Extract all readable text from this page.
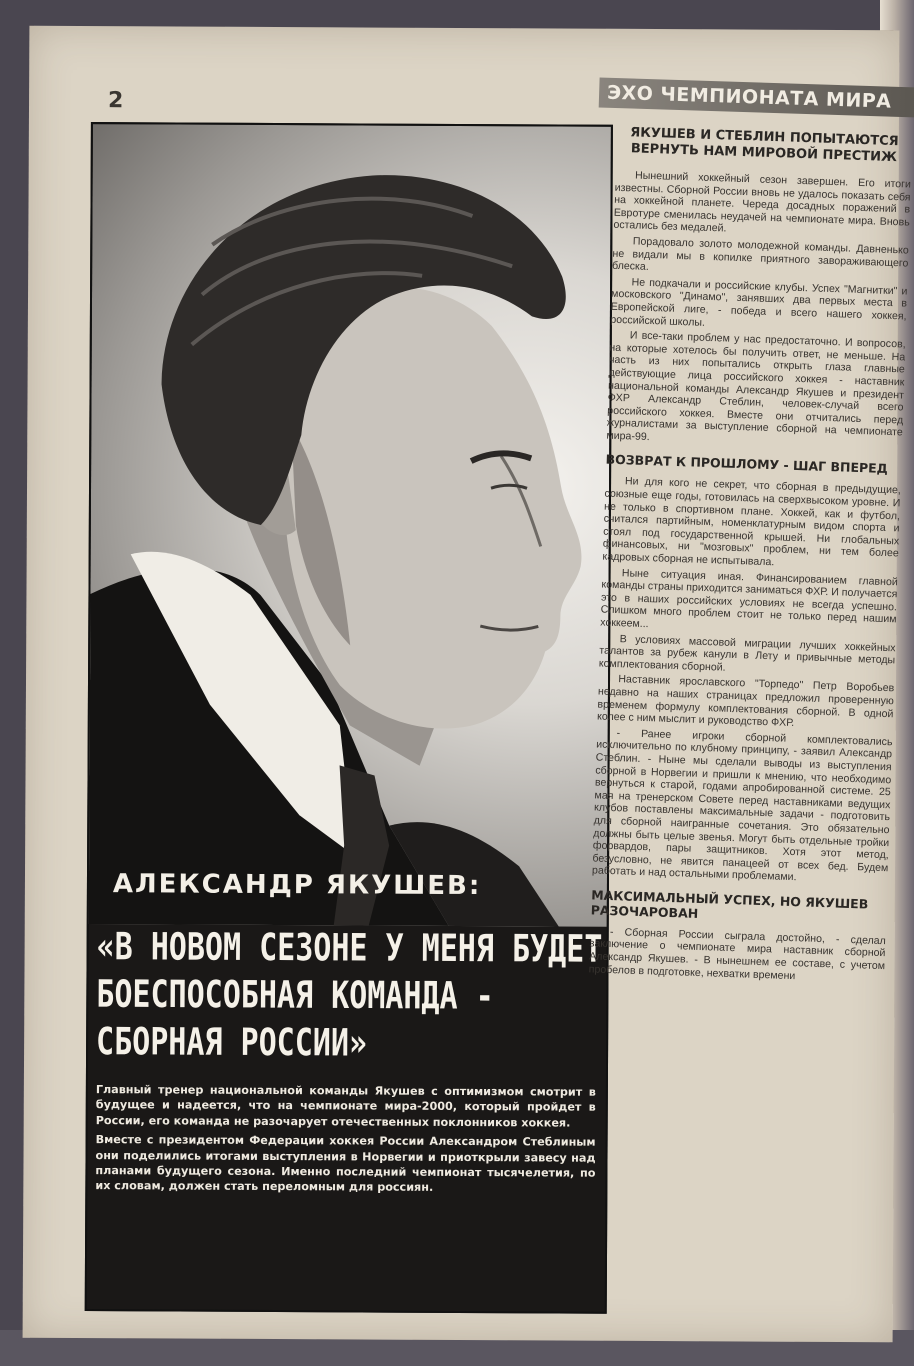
2	ЭХО ЧЕМПИОНАТА МИРА
АЛЕКСАНДР ЯКУШЕВ:
«В НОВОМ СЕЗОНЕ У МЕНЯ БУДЕТ
БОЕСПОСОБНАЯ КОМАНДА -
СБОРНАЯ РОССИИ»

Главный тренер национальной команды Якушев с оптимизмом смотрит в будущее и надеется, что на чемпионате мира-2000, который пройдет в России, его команда не разочарует отечественных поклонников хоккея.

Вместе с президентом Федерации хоккея России Александром Стеблиным они поделились итогами выступления в Норвегии и приоткрыли завесу над планами будущего сезона. Именно последний чемпионат тысячелетия, по их словам, должен стать переломным для россиян.

ЯКУШЕВ И СТЕБЛИН ПОПЫТАЮТСЯ ВЕРНУТЬ НАМ МИРОВОЙ ПРЕСТИЖ

Нынешний хоккейный сезон завершен. Его итоги известны. Сборной России вновь не удалось показать себя на хоккейной планете. Череда досадных поражений в Евротуре сменилась неудачей на чемпионате мира. Вновь остались без медалей.

Порадовало золото молодежной команды. Давненько не видали мы в копилке приятного завораживающего блеска.

Не подкачали и российские клубы. Успех "Магнитки" и московского "Динамо", занявших два первых места в Европейской лиге, - победа и всего нашего хоккея, российской школы.

И все-таки проблем у нас предостаточно. И вопросов, на которые хотелось бы получить ответ, не меньше. На часть из них попытались открыть глаза главные действующие лица российского хоккея - наставник национальной команды Александр Якушев и президент ФХР Александр Стеблин, человек-случай всего российского хоккея. Вместе они отчитались перед журналистами за выступление сборной на чемпионате мира-99.

ВОЗВРАТ К ПРОШЛОМУ - ШАГ ВПЕРЕД

Ни для кого не секрет, что сборная в предыдущие, союзные еще годы, готовилась на сверхвысоком уровне. И не только в спортивном плане. Хоккей, как и футбол, считался партийным, номенклатурным видом спорта и стоял под государственной крышей. Ни глобальных финансовых, ни "мозговых" проблем, ни тем более кадровых сборная не испытывала.

Ныне ситуация иная. Финансированием главной команды страны приходится заниматься ФХР. И получается это в наших российских условиях не всегда успешно. Слишком много проблем стоит не только перед нашим хоккеем...

В условиях массовой миграции лучших хоккейных талантов за рубеж канули в Лету и привычные методы комплектования сборной.

Наставник ярославского "Торпедо" Петр Воробьев недавно на наших страницах предложил проверенную временем формулу комплектования сборной. В одной колее с ним мыслит и руководство ФХР.

- Ранее игроки сборной комплектовались исключительно по клубному принципу, - заявил Александр Стеблин. - Ныне мы сделали выводы из выступления сборной в Норвегии и пришли к мнению, что необходимо вернуться к старой, годами апробированной системе. 25 мая на тренерском Совете перед наставниками ведущих клубов поставлены максимальные задачи - подготовить для сборной наигранные сочетания. Это обязательно должны быть целые звенья. Могут быть отдельные тройки форвардов, пары защитников. Хотя этот метод, безусловно, не явится панацеей от всех бед. Будем работать и над остальными проблемами.

МАКСИМАЛЬНЫЙ УСПЕХ, НО ЯКУШЕВ РАЗОЧАРОВАН

- Сборная России сыграла достойно, - сделал заключение о чемпионате мира наставник сборной Александр Якушев. - В нынешнем ее составе, с учетом пробелов в подготовке, нехватки времени
